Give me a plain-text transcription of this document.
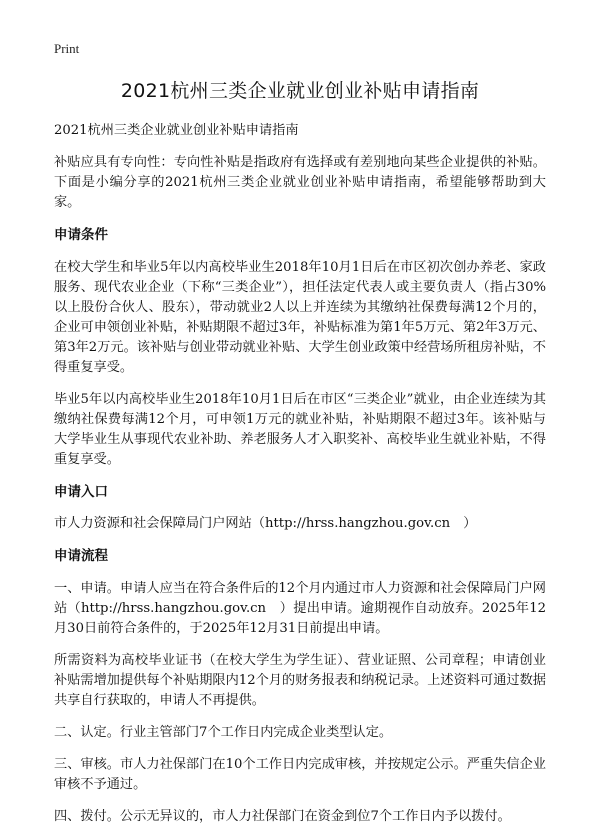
Print
2021杭州三类企业就业创业补贴申请指南
2021杭州三类企业就业创业补贴申请指南

补贴应具有专向性：专向性补贴是指政府有选择或有差别地向某些企业提供的补贴。下面是小编分享的2021杭州三类企业就业创业补贴申请指南，希望能够帮助到大家。

申请条件

在校大学生和毕业5年以内高校毕业生2018年10月1日后在市区初次创办养老、家政服务、现代农业企业（下称“三类企业”），担任法定代表人或主要负责人（指占30%以上股份合伙人、股东），带动就业2人以上并连续为其缴纳社保费每满12个月的，企业可申领创业补贴，补贴期限不超过3年，补贴标准为第1年5万元、第2年3万元、第3年2万元。该补贴与创业带动就业补贴、大学生创业政策中经营场所租房补贴，不得重复享受。

毕业5年以内高校毕业生2018年10月1日后在市区“三类企业”就业，由企业连续为其缴纳社保费每满12个月，可申领1万元的就业补贴，补贴期限不超过3年。该补贴与大学毕业生从事现代农业补助、养老服务人才入职奖补、高校毕业生就业补贴，不得重复享受。

申请入口

市人力资源和社会保障局门户网站（http://hrss.hangzhou.gov.cn　）

申请流程

一、申请。申请人应当在符合条件后的12个月内通过市人力资源和社会保障局门户网站（http://hrss.hangzhou.gov.cn　）提出申请。逾期视作自动放弃。2025年12月30日前符合条件的，于2025年12月31日前提出申请。

所需资料为高校毕业证书（在校大学生为学生证）、营业证照、公司章程；申请创业补贴需增加提供每个补贴期限内12个月的财务报表和纳税记录。上述资料可通过数据共享自行获取的，申请人不再提供。

二、认定。行业主管部门7个工作日内完成企业类型认定。

三、审核。市人力社保部门在10个工作日内完成审核，并按规定公示。严重失信企业审核不予通过。

四、拨付。公示无异议的，市人力社保部门在资金到位7个工作日内予以拨付。
